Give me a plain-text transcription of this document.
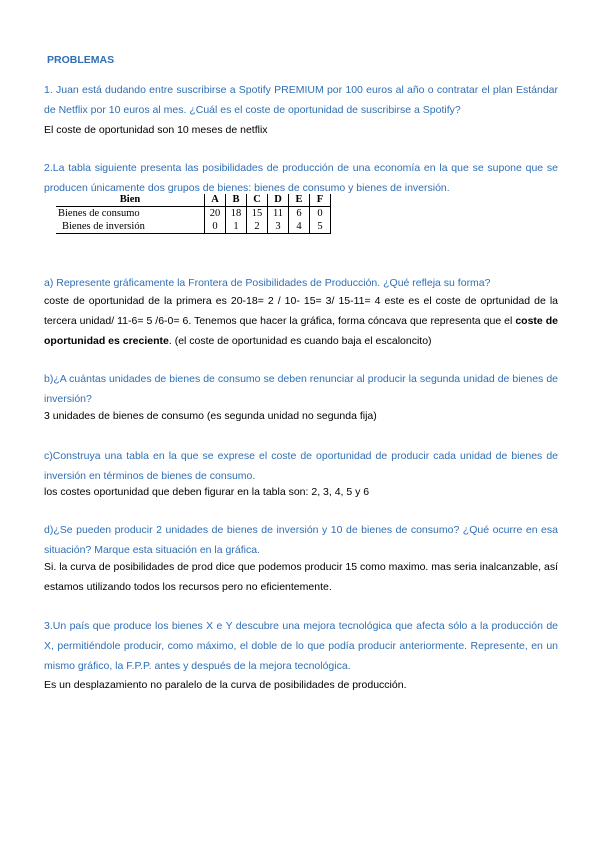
PROBLEMAS
1. Juan está dudando entre suscribirse a Spotify PREMIUM por 100 euros al año o contratar el plan Estándar de Netflix por 10 euros al mes. ¿Cuál es el coste de oportunidad de suscribirse a Spotify?
El coste de oportunidad son 10 meses de netflix
2.La tabla siguiente presenta las posibilidades de producción de una economía en la que se supone que se producen únicamente dos grupos de bienes: bienes de consumo y bienes de inversión.
Bien	A	B	C	D	E	F
Bienes de consumo	20	18	15	11	6	0
Bienes de inversión	0	1	2	3	4	5
a) Represente gráficamente la Frontera de Posibilidades de Producción. ¿Qué refleja su forma?
coste de oportunidad de la primera es 20-18= 2 / 10- 15= 3/ 15-11= 4 este es el coste de oprtunidad de la tercera unidad/ 11-6= 5 /6-0= 6. Tenemos que hacer la gráfica, forma cóncava que representa que el coste de oportunidad es creciente. (el coste de oportunidad es cuando baja el escaloncito)
b)¿A cuántas unidades de bienes de consumo se deben renunciar al producir la segunda unidad de bienes de inversión?
3 unidades de bienes de consumo (es segunda unidad no segunda fija)
c)Construya una tabla en la que se exprese el coste de oportunidad de producir cada unidad de bienes de inversión en términos de bienes de consumo.
los costes oportunidad que deben figurar en la tabla son: 2, 3, 4, 5 y 6
d)¿Se pueden producir 2 unidades de bienes de inversión y 10 de bienes de consumo? ¿Qué ocurre en esa situación? Marque esta situación en la gráfica.
Si. la curva de posibilidades de prod dice que podemos producir 15 como maximo. mas seria inalcanzable, así estamos utilizando todos los recursos pero no eficientemente.
3.Un país que produce los bienes X e Y descubre una mejora tecnológica que afecta sólo a la producción de X, permitiéndole producir, como máximo, el doble de lo que podía producir anteriormente. Represente, en un mismo gráfico, la F.P.P. antes y después de la mejora tecnológica.
Es un desplazamiento no paralelo de la curva de posibilidades de producción.
